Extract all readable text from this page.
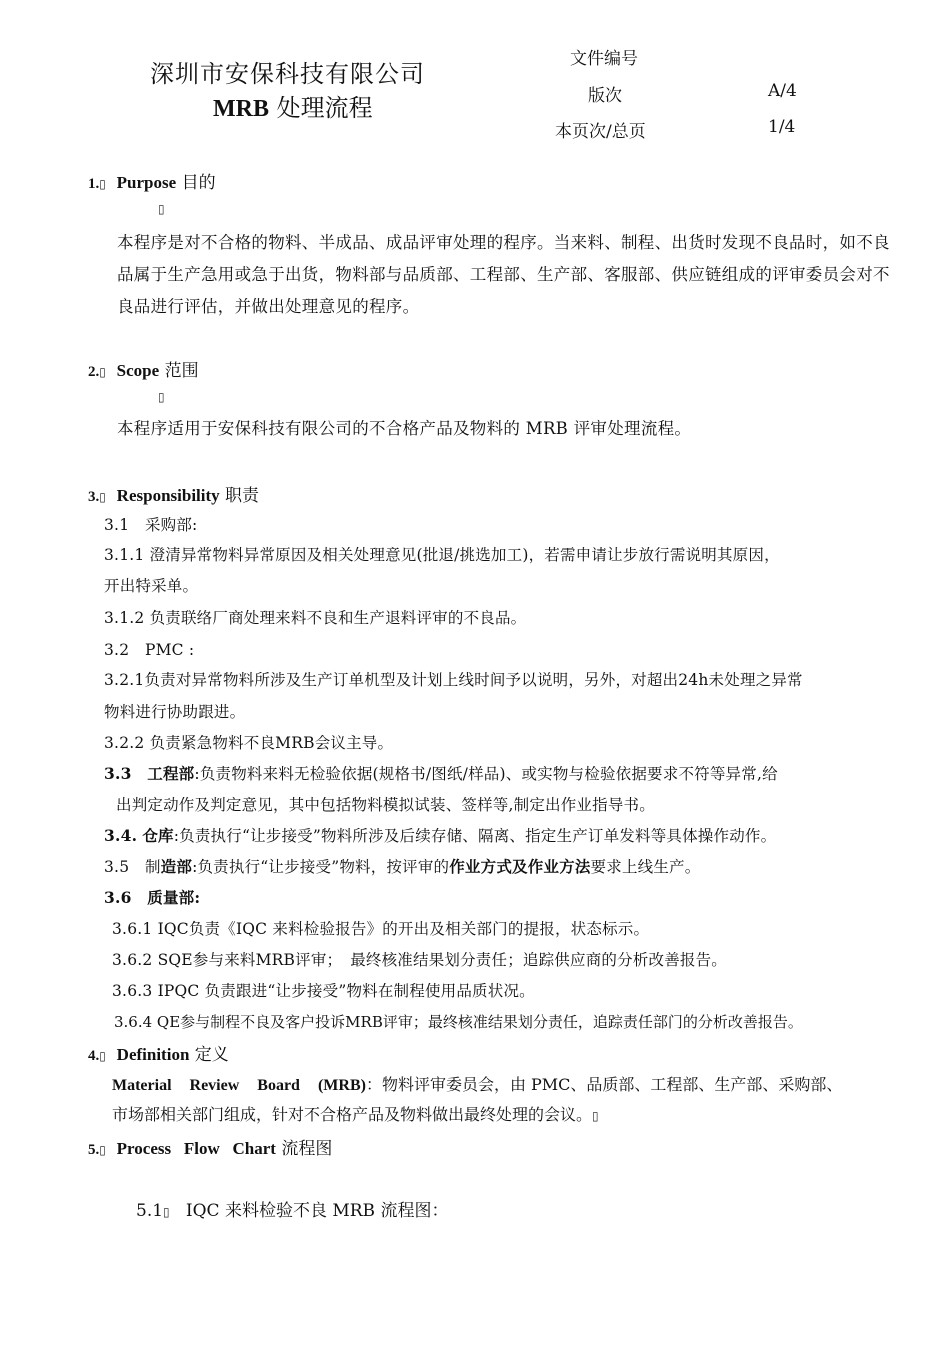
深圳市安保科技有限公司
MRB 处理流程
文件编号
版次	A/4
本页次/总页	1/4
1.▯ Purpose 目的
▯
本程序是对不合格的物料、半成品、成品评审处理的程序。当来料、制程、出货时发现不良品时，如不良品属于生产急用或急于出货，物料部与品质部、工程部、生产部、客服部、供应链组成的评审委员会对不良品进行评估，并做出处理意见的程序。
2.▯ Scope 范围
▯
本程序适用于安保科技有限公司的不合格产品及物料的 MRB 评审处理流程。
3.▯ Responsibility 职责
3.1　采购部:
3.1.1 澄清异常物料异常原因及相关处理意见(批退/挑选加工)，若需申请让步放行需说明其原因，
开出特采单。
3.1.2 负责联络厂商处理来料不良和生产退料评审的不良品。
3.2　PMC :
3.2.1负责对异常物料所涉及生产订单机型及计划上线时间予以说明，另外，对超出24h未处理之异常
物料进行协助跟进。
3.2.2 负责紧急物料不良MRB会议主导。
3.3　工程部:负责物料来料无检验依据(规格书/图纸/样品)、或实物与检验依据要求不符等异常,给
出判定动作及判定意见，其中包括物料模拟试装、签样等,制定出作业指导书。
3.4. 仓库:负责执行“让步接受”物料所涉及后续存储、隔离、指定生产订单发料等具体操作动作。
3.5　制造部:负责执行“让步接受”物料，按评审的作业方式及作业方法要求上线生产。
3.6　质量部:
3.6.1 IQC负责《IQC 来料检验报告》的开出及相关部门的提报，状态标示。
3.6.2 SQE参与来料MRB评审；　最终核准结果划分责任；追踪供应商的分析改善报告。
3.6.3 IPQC 负责跟进“让步接受”物料在制程使用品质状况。
3.6.4 QE参与制程不良及客户投诉MRB评审；最终核准结果划分责任，追踪责任部门的分析改善报告。
4.▯ Definition 定义
Material Review Board (MRB)：物料评审委员会，由 PMC、品质部、工程部、生产部、采购部、
市场部相关部门组成，针对不合格产品及物料做出最终处理的会议。▯
5.▯ Process   Flow   Chart 流程图
5.1▯ IQC 来料检验不良 MRB 流程图：
